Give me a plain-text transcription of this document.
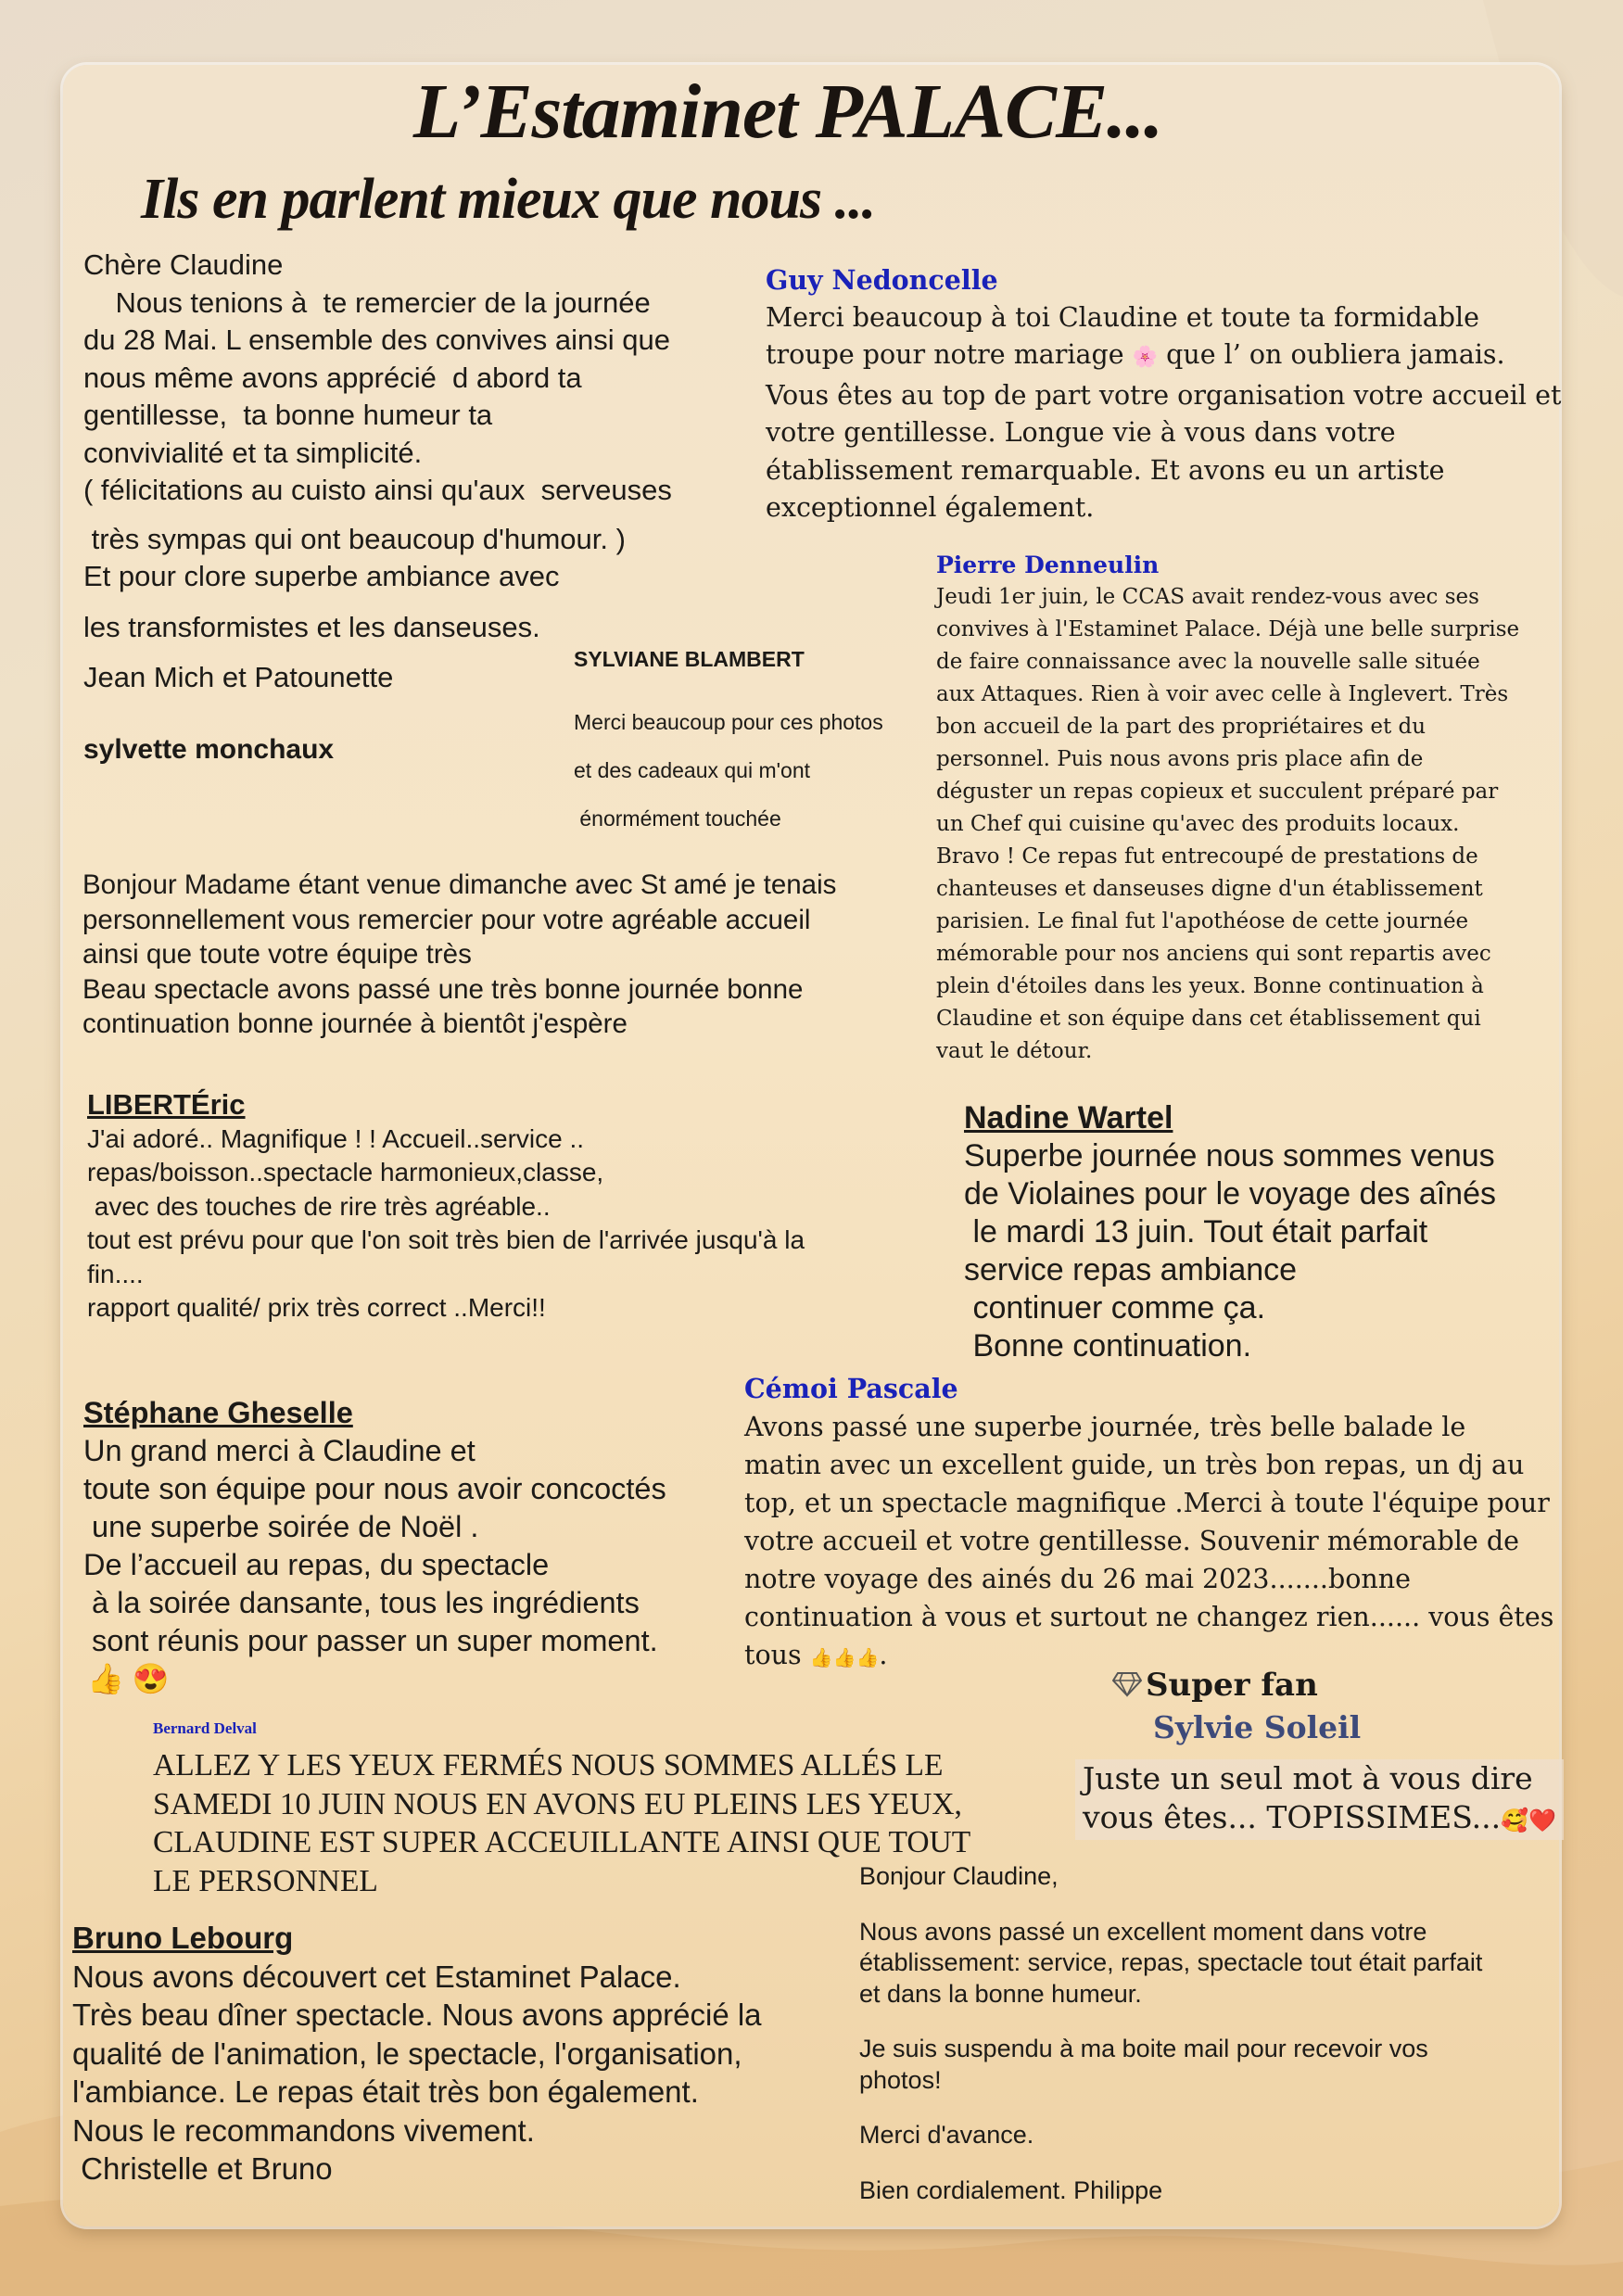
L’Estaminet PALACE...
Ils en parlent mieux que nous ...
Chère Claudine
Nous tenions à  te remercier de la journée
du 28 Mai. L ensemble des convives ainsi que
nous même avons apprécié  d abord ta
gentillesse,  ta bonne humeur ta
convivialité et ta simplicité.
( félicitations au cuisto ainsi qu'aux  serveuses
très sympas qui ont beaucoup d'humour. )
Et pour clore superbe ambiance avec
les transformistes et les danseuses.
Jean Mich et Patounette
sylvette monchaux
SYLVIANE BLAMBERT
Merci beaucoup pour ces photos
et des cadeaux qui m'ont
énormément touchée
Guy Nedoncelle
Merci beaucoup à toi Claudine et toute ta formidable
troupe pour notre mariage 🌸 que l’ on oubliera jamais.
Vous êtes au top de part votre organisation votre accueil et
votre gentillesse. Longue vie à vous dans votre
établissement remarquable. Et avons eu un artiste
exceptionnel également.
Pierre Denneulin
Jeudi 1er juin, le CCAS avait rendez-vous avec ses
convives à l'Estaminet Palace. Déjà une belle surprise
de faire connaissance avec la nouvelle salle située
aux Attaques. Rien à voir avec celle à Inglevert. Très
bon accueil de la part des propriétaires et du
personnel. Puis nous avons pris place afin de
déguster un repas copieux et succulent préparé par
un Chef qui cuisine qu'avec des produits locaux.
Bravo ! Ce repas fut entrecoupé de prestations de
chanteuses et danseuses digne d'un établissement
parisien. Le final fut l'apothéose de cette journée
mémorable pour nos anciens qui sont repartis avec
plein d'étoiles dans les yeux. Bonne continuation à
Claudine et son équipe dans cet établissement qui
vaut le détour.
Bonjour Madame étant venue dimanche avec St amé je tenais
personnellement vous remercier pour votre agréable accueil
ainsi que toute votre équipe très
Beau spectacle avons passé une très bonne journée bonne
continuation bonne journée à bientôt j'espère
LIBERTÉric
J'ai adoré.. Magnifique ! ! Accueil..service ..
repas/boisson..spectacle harmonieux,classe,
avec des touches de rire très agréable..
tout est prévu pour que l'on soit très bien de l'arrivée jusqu'à la
fin....
rapport qualité/ prix très correct ..Merci!!
Nadine Wartel
Superbe journée nous sommes venus
de Violaines pour le voyage des aînés
le mardi 13 juin. Tout était parfait
service repas ambiance
continuer comme ça.
Bonne continuation.
Cémoi Pascale
Avons passé une superbe journée, très belle balade le
matin avec un excellent guide, un très bon repas, un dj au
top, et un spectacle magnifique .Merci à toute l'équipe pour
votre accueil et votre gentillesse. Souvenir mémorable de
notre voyage des ainés du 26 mai 2023.......bonne
continuation à vous et surtout ne changez rien...... vous êtes
tous 👍👍👍.
Stéphane Gheselle
Un grand merci à Claudine et
toute son équipe pour nous avoir concoctés
une superbe soirée de Noël .
De l’accueil au repas, du spectacle
à la soirée dansante, tous les ingrédients
sont réunis pour passer un super moment.
👍 😍	Super fan
Sylvie Soleil
Juste un seul mot à vous dire
vous êtes... TOPISSIMES...🥰❤️
Bernard Delval
ALLEZ Y LES YEUX FERMÉS NOUS SOMMES ALLÉS LE
SAMEDI 10 JUIN NOUS EN AVONS EU PLEINS LES YEUX,
CLAUDINE EST SUPER ACCEUILLANTE AINSI QUE TOUT
LE PERSONNEL	Bonjour Claudine,
Nous avons passé un excellent moment dans votre
établissement: service, repas, spectacle tout était parfait
et dans la bonne humeur.
Je suis suspendu à ma boite mail pour recevoir vos
photos!
Merci d'avance.
Bien cordialement. Philippe
Bruno Lebourg
Nous avons découvert cet Estaminet Palace.
Très beau dîner spectacle. Nous avons apprécié la
qualité de l'animation, le spectacle, l'organisation,
l'ambiance. Le repas était très bon également.
Nous le recommandons vivement.
Christelle et Bruno
